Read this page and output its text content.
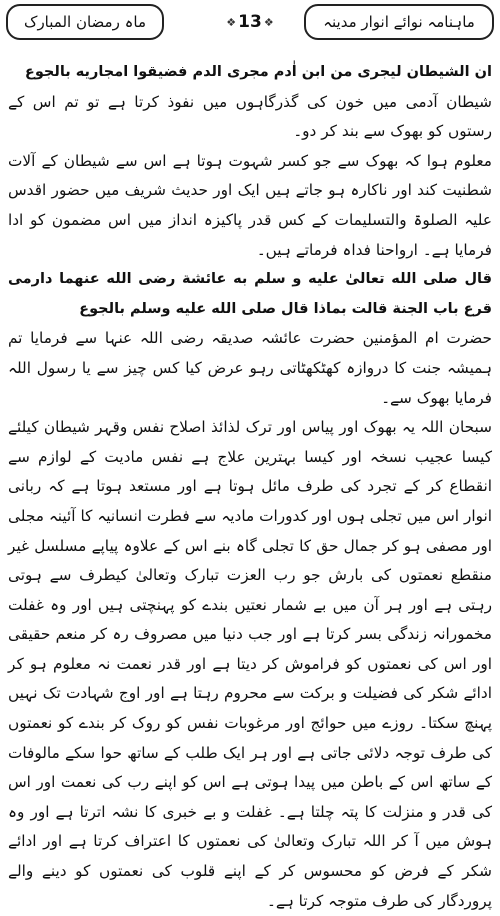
ماہ رمضان المبارک	❖ 13 ❖	ماہنامہ نوائے انوار مدینہ

ان الشیطان لیجری من ابن اٰدم مجری الدم فضیقوا امجاریه بالجوع

شیطان آدمی میں خون کی گذرگاہوں میں نفوذ کرتا ہے تو تم اس کے رستوں کو بھوک سے بند کر دو۔

معلوم ہوا کہ بھوک سے جو کسر شہوت ہوتا ہے اس سے شیطان کے آلات شطنیت کند اور ناکارہ ہو جاتے ہیں ایک اور حدیث شریف میں حضور اقدس علیہ الصلوۃ والتسلیمات کے کس قدر پاکیزہ انداز میں اس مضمون کو ادا فرمایا ہے۔ ارواحنا فداہ فرماتے ہیں۔

قال صلی الله تعالیٰ علیه و سلم به عائشة رضی الله عنهما دارمی قرع باب الجنة قالت بماذا قال صلی الله علیه وسلم بالجوع

حضرت ام المؤمنین حضرت عائشہ صدیقہ رضی اللہ عنہا سے فرمایا تم ہمیشہ جنت کا دروازہ کھٹکھٹاتی رہو عرض کیا کس چیز سے یا رسول اللہ فرمایا بھوک سے۔

سبحان اللہ یہ بھوک اور پیاس اور ترک لذائذ اصلاح نفس وقہر شیطان کیلئے کیسا عجیب نسخہ اور کیسا بہترین علاج ہے نفس مادیت کے لوازم سے انقطاع کر کے تجرد کی طرف مائل ہوتا ہے اور مستعد ہوتا ہے کہ ربانی انوار اس میں تجلی ہوں اور کدورات مادیہ سے فطرت انسانیہ کا آئینہ مجلی اور مصفی ہو کر جمال حق کا تجلی گاہ بنے اس کے علاوہ پیاپے مسلسل غیر منقطع نعمتوں کی بارش جو رب العزت تبارک وتعالیٰ کیطرف سے ہوتی رہتی ہے اور ہر آن میں بے شمار نعتیں بندے کو پہنچتی ہیں اور وہ غفلت مخمورانہ زندگی بسر کرتا ہے اور جب دنیا میں مصروف رہ کر منعم حقیقی اور اس کی نعمتوں کو فراموش کر دیتا ہے اور قدر نعمت نہ معلوم ہو کر ادائے شکر کی فضیلت و برکت سے محروم رہتا ہے اور اوج شہادت تک نہیں پہنچ سکتا۔ روزے میں حوائج اور مرغوبات نفس کو روک کر بندے کو نعمتوں کی طرف توجہ دلائی جاتی ہے اور ہر ایک طلب کے ساتھ حوا سکے مالوفات کے ساتھ اس کے باطن میں پیدا ہوتی ہے اس کو اپنے رب کی نعمت اور اس کی قدر و منزلت کا پتہ چلتا ہے۔ غفلت و بے خبری کا نشہ اترتا ہے اور وہ ہوش میں آ کر اللہ تبارک وتعالیٰ کی نعمتوں کا اعتراف کرتا ہے اور ادائے شکر کے فرض کو محسوس کر کے اپنے قلوب کی نعمتوں کو دینے والے پروردگار کی طرف متوجہ کرتا ہے۔
